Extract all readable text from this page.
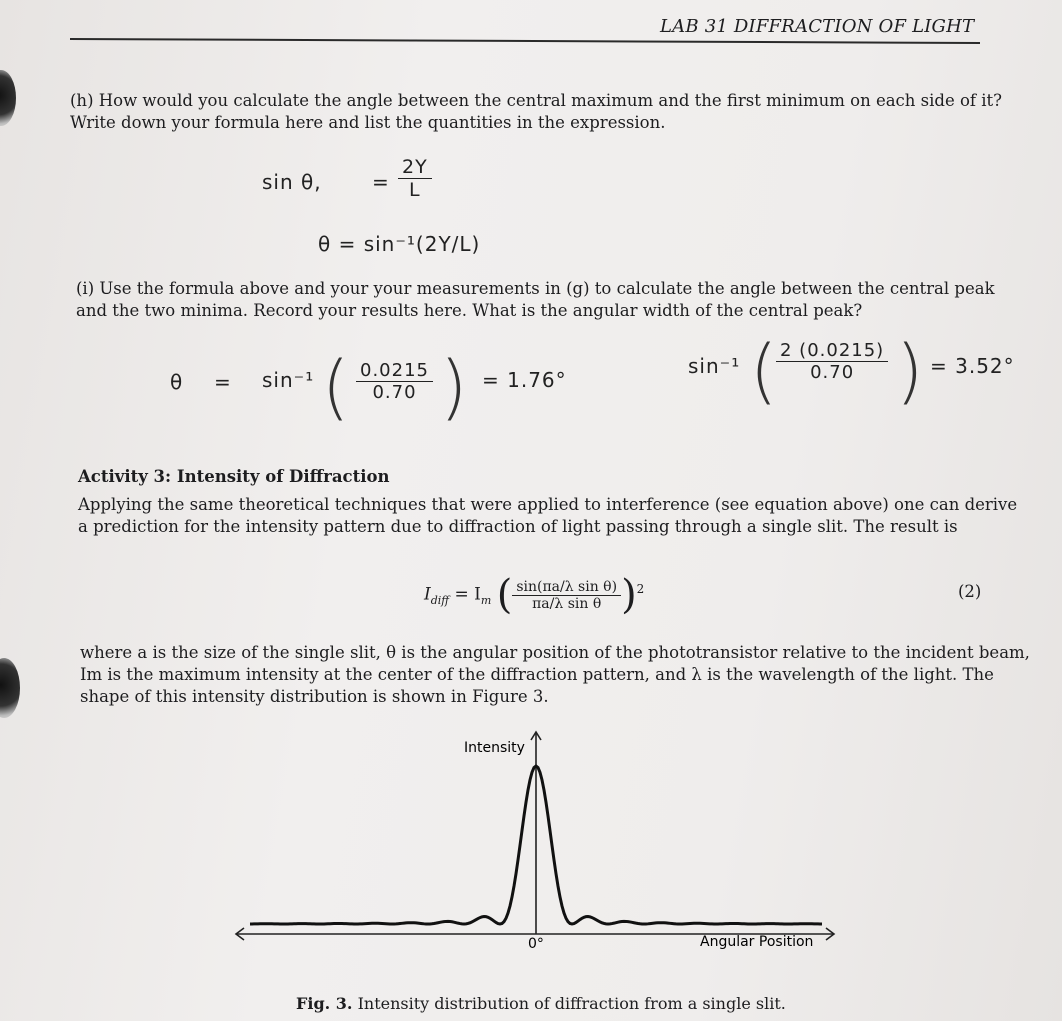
LAB 31 DIFFRACTION OF LIGHT
(h) How would you calculate the angle between the central maximum and the first minimum on each side of it?
Write down your formula here and list the quantities in the expression.
sin θ,	= $\frac{2Y}{L}$
θ = sin⁻¹(2Y/L)
(i) Use the formula above and your your measurements in (g) to calculate the angle between the central peak
and the two minima. Record your results here. What is the angular width of the central peak?
θ = sin⁻¹ ( $\frac{0.0215}{0.70}$ ) = 1.76°
sin⁻¹ (
$\frac{2 (0.0215)}{0.70}$ ) = 3.52°
Activity 3: Intensity of Diffraction
Applying the same theoretical techniques that were applied to interference (see equation above) one can derive
a prediction for the intensity pattern due to diffraction of light passing through a single slit. The result is
$I_{diff} = I_m$ ( $\frac{\text{sin(πa/λ sin θ)}}{\text{πa/λ sin θ}} )^2$	(2)
where a is the size of the single slit, θ is the angular position of the phototransistor relative to the incident beam,
Im is the maximum intensity at the center of the diffraction pattern, and λ is the wavelength of the light. The
shape of this intensity distribution is shown in Figure 3.
Intensity
0°	Angular Position
Fig. 3. Intensity distribution of diffraction from a single slit.
